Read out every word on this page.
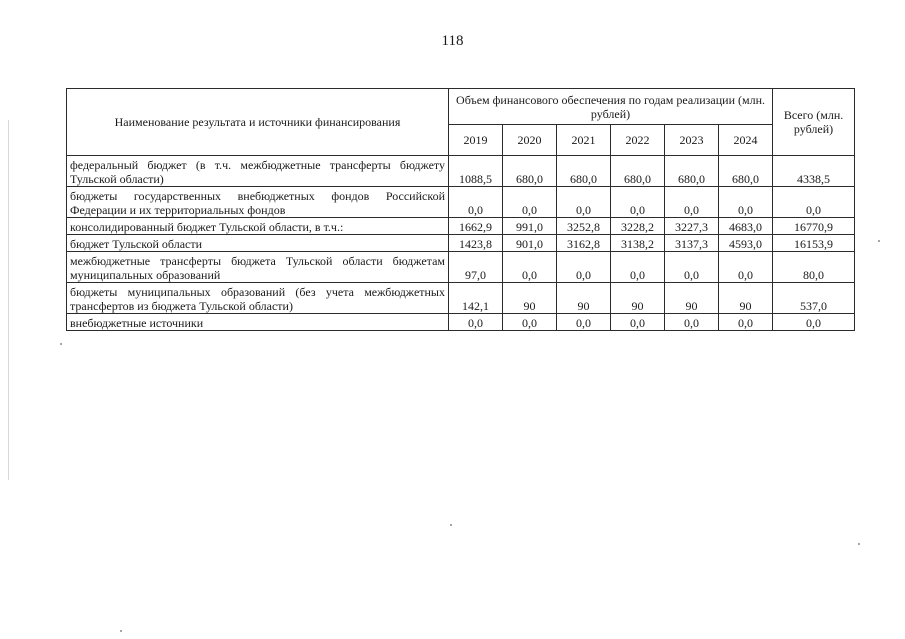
118
Наименование результата и источники финансирования	Объем финансового обеспечения по годам реализации (млн. рублей)						Всего (млн. рублей)
	2019	2020	2021	2022	2023	2024	
федеральный бюджет (в т.ч. межбюджетные трансферты бюджету Тульской области)	1088,5	680,0	680,0	680,0	680,0	680,0	4338,5
бюджеты государственных внебюджетных фондов Российской Федерации и их территориальных фондов	0,0	0,0	0,0	0,0	0,0	0,0	0,0
консолидированный бюджет Тульской области, в т.ч.:	1662,9	991,0	3252,8	3228,2	3227,3	4683,0	16770,9
бюджет Тульской области	1423,8	901,0	3162,8	3138,2	3137,3	4593,0	16153,9
межбюджетные трансферты бюджета Тульской области бюджетам муниципальных образований	97,0	0,0	0,0	0,0	0,0	0,0	80,0
бюджеты муниципальных образований (без учета межбюджетных трансфертов из бюджета Тульской области)	142,1	90	90	90	90	90	537,0
внебюджетные источники	0,0	0,0	0,0	0,0	0,0	0,0	0,0
